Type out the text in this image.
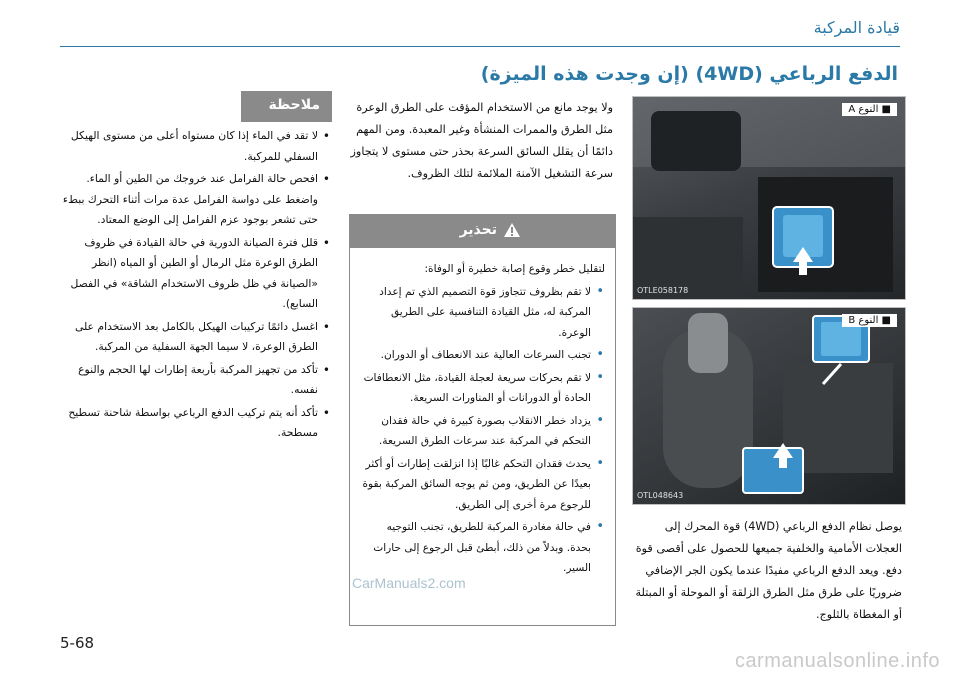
قيادة المركبة
الدفع الرباعي (4WD) (إن وجدت هذه الميزة)
■ النوع A
OTLE058178
■ النوع B
OTL048643
يوصل نظام الدفع الرباعي (4WD) قوة المحرك إلى العجلات الأمامية والخلفية جميعها للحصول على أقصى قوة دفع. ويعد الدفع الرباعي مفيدًا عندما يكون الجر الإضافي ضروريًا على طرق مثل الطرق الزلقة أو الموحلة أو المبتلة أو المغطاة بالثلوج.
ولا يوجد مانع من الاستخدام المؤقت على الطرق الوعرة مثل الطرق والممرات المنشأة وغير المعبدة. ومن المهم دائمًا أن يقلل السائق السرعة بحذر حتى مستوى لا يتجاوز سرعة التشغيل الآمنة الملائمة لتلك الظروف.
تحذير
لتقليل خطر وقوع إصابة خطيرة أو الوفاة:
• لا تقم بظروف تتجاوز قوة التصميم الذي تم إعداد المركبة له، مثل القيادة التنافسية على الطريق الوعرة.
• تجنب السرعات العالية عند الانعطاف أو الدوران.
• لا تقم بحركات سريعة لعجلة القيادة، مثل الانعطافات الحادة أو الدورانات أو المناورات السريعة.
• يزداد خطر الانقلاب بصورة كبيرة في حالة فقدان التحكم في المركبة عند سرعات الطرق السريعة.
• يحدث فقدان التحكم غالبًا إذا انزلقت إطارات أو أكثر بعيدًا عن الطريق، ومن ثم يوجه السائق المركبة بقوة للرجوع مرة أخرى إلى الطريق.
• في حالة مغادرة المركبة للطريق، تجنب التوجيه بحدة. وبدلاً من ذلك، أبطئ قبل الرجوع إلى حارات السير.
ملاحظة
• لا تقد في الماء إذا كان مستواه أعلى من مستوى الهيكل السفلي للمركبة.
• افحص حالة الفرامل عند خروجك من الطين أو الماء. واضغط على دواسة الفرامل عدة مرات أثناء التحرك ببطء حتى تشعر بوجود عزم الفرامل إلى الوضع المعتاد.
• قلل فترة الصيانة الدورية في حالة القيادة في ظروف الطرق الوعرة مثل الرمال أو الطين أو المياه (انظر «الصيانة في ظل ظروف الاستخدام الشاقة» في الفصل السابع).
• اغسل دائمًا تركيبات الهيكل بالكامل بعد الاستخدام على الطرق الوعرة، لا سيما الجهة السفلية من المركبة.
• تأكد من تجهيز المركبة بأربعة إطارات لها الحجم والنوع نفسه.
• تأكد أنه يتم تركيب الدفع الرباعي بواسطة شاحنة تسطيح مسطحة.
5-68
CarManuals2.com
carmanualsonline.info
